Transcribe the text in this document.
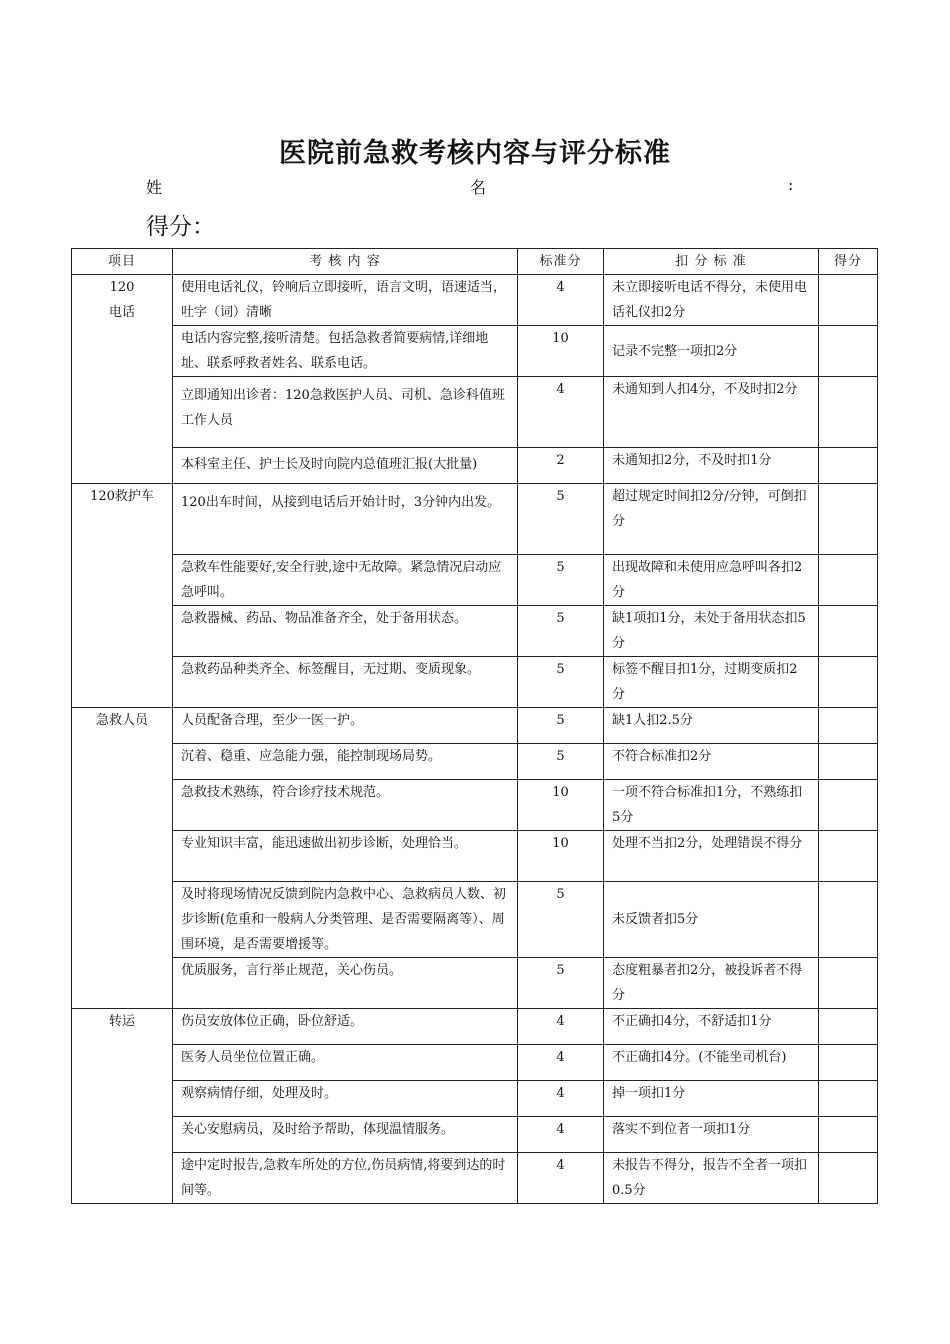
医院前急救考核内容与评分标准
姓	名	:
得分：
项目	考 核 内 容	标准分	扣 分 标 准	得分

120
电话	使用电话礼仪，铃响后立即接听，语言文明，语速适当，吐字（词）清晰	4	未立即接听电话不得分，未使用电话礼仪扣2分	
	电话内容完整,接听清楚。包括急救者简要病情,详细地址、联系呼救者姓名、联系电话。	10	记录不完整一项扣2分	
	立即通知出诊者：120急救医护人员、司机、急诊科值班工作人员	4	未通知到人扣4分，不及时扣2分	
	本科室主任、护士长及时向院内总值班汇报(大批量)	2	未通知扣2分，不及时扣1分	

120救护车	120出车时间，从接到电话后开始计时，3分钟内出发。	5	超过规定时间扣2分/分钟，可倒扣分	
	急救车性能要好,安全行驶,途中无故障。紧急情况启动应急呼叫。	5	出现故障和未使用应急呼叫各扣2分	
	急救器械、药品、物品准备齐全，处于备用状态。	5	缺1项扣1分，未处于备用状态扣5分	
	急救药品种类齐全、标签醒目，无过期、变质现象。	5	标签不醒目扣1分，过期变质扣2分	

急救人员	人员配备合理，至少一医一护。	5	缺1人扣2.5分	
	沉着、稳重、应急能力强，能控制现场局势。	5	不符合标准扣2分	
	急救技术熟练，符合诊疗技术规范。	10	一项不符合标准扣1分，不熟练扣5分	
	专业知识丰富，能迅速做出初步诊断，处理恰当。	10	处理不当扣2分，处理错误不得分	
	及时将现场情况反馈到院内急救中心、急救病员人数、初步诊断(危重和一般病人分类管理、是否需要隔离等）、周围环境，是否需要增援等。	5	未反馈者扣5分	
	优质服务，言行举止规范，关心伤员。	5	态度粗暴者扣2分，被投诉者不得分	

转运	伤员安放体位正确，卧位舒适。	4	不正确扣4分，不舒适扣1分	
	医务人员坐位位置正确。	4	不正确扣4分。(不能坐司机台)	
	观察病情仔细，处理及时。	4	掉一项扣1分	
	关心安慰病员，及时给予帮助，体现温情服务。	4	落实不到位者一项扣1分	
	途中定时报告,急救车所处的方位,伤员病情,将要到达的时间等。	4	未报告不得分，报告不全者一项扣0.5分	
